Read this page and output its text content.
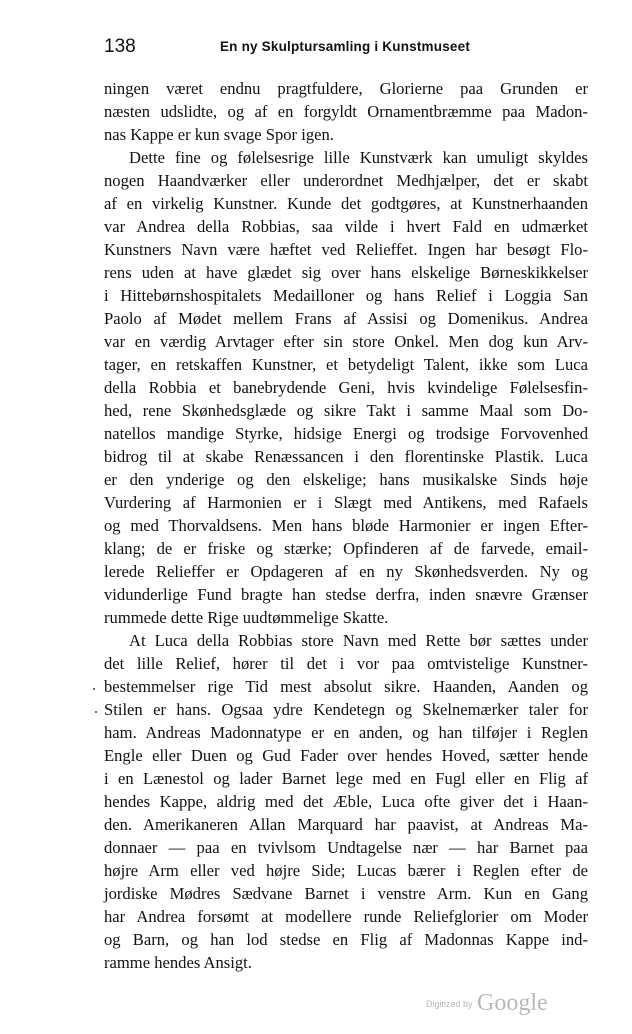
138	En ny Skulptursamling i Kunstmuseet
ningen været endnu pragtfuldere, Glorierne paa Grunden er
næsten udslidte, og af en forgyldt Ornamentbræmme paa Madon-
nas Kappe er kun svage Spor igen.
Dette fine og følelsesrige lille Kunstværk kan umuligt skyldes
nogen Haandværker eller underordnet Medhjælper, det er skabt
af en virkelig Kunstner. Kunde det godtgøres, at Kunstnerhaanden
var Andrea della Robbias, saa vilde i hvert Fald en udmærket
Kunstners Navn være hæftet ved Relieffet. Ingen har besøgt Flo-
rens uden at have glædet sig over hans elskelige Børneskikkelser
i Hittebørnshospitalets Medailloner og hans Relief i Loggia San
Paolo af Mødet mellem Frans af Assisi og Domenikus. Andrea
var en værdig Arvtager efter sin store Onkel. Men dog kun Arv-
tager, en retskaffen Kunstner, et betydeligt Talent, ikke som Luca
della Robbia et banebrydende Geni, hvis kvindelige Følelsesfin-
hed, rene Skønhedsglæde og sikre Takt i samme Maal som Do-
natellos mandige Styrke, hidsige Energi og trodsige Forvovenhed
bidrog til at skabe Renæssancen i den florentinske Plastik. Luca
er den ynderige og den elskelige; hans musikalske Sinds høje
Vurdering af Harmonien er i Slægt med Antikens, med Rafaels
og med Thorvaldsens. Men hans bløde Harmonier er ingen Efter-
klang; de er friske og stærke; Opfinderen af de farvede, email-
lerede Relieffer er Opdageren af en ny Skønhedsverden. Ny og
vidunderlige Fund bragte han stedse derfra, inden snævre Grænser
rummede dette Rige uudtømmelige Skatte.
At Luca della Robbias store Navn med Rette bør sættes under
det lille Relief, hører til det i vor paa omtvistelige Kunstner-
bestemmelser rige Tid mest absolut sikre. Haanden, Aanden og
Stilen er hans. Ogsaa ydre Kendetegn og Skelnemærker taler for
ham. Andreas Madonnatype er en anden, og han tilføjer i Reglen
Engle eller Duen og Gud Fader over hendes Hoved, sætter hende
i en Lænestol og lader Barnet lege med en Fugl eller en Flig af
hendes Kappe, aldrig med det Æble, Luca ofte giver det i Haan-
den. Amerikaneren Allan Marquard har paavist, at Andreas Ma-
donnaer — paa en tvivlsom Undtagelse nær — har Barnet paa
højre Arm eller ved højre Side; Lucas bærer i Reglen efter de
jordiske Mødres Sædvane Barnet i venstre Arm. Kun en Gang
har Andrea forsømt at modellere runde Reliefglorier om Moder
og Barn, og han lod stedse en Flig af Madonnas Kappe ind-
ramme hendes Ansigt.
Digitized by Google
